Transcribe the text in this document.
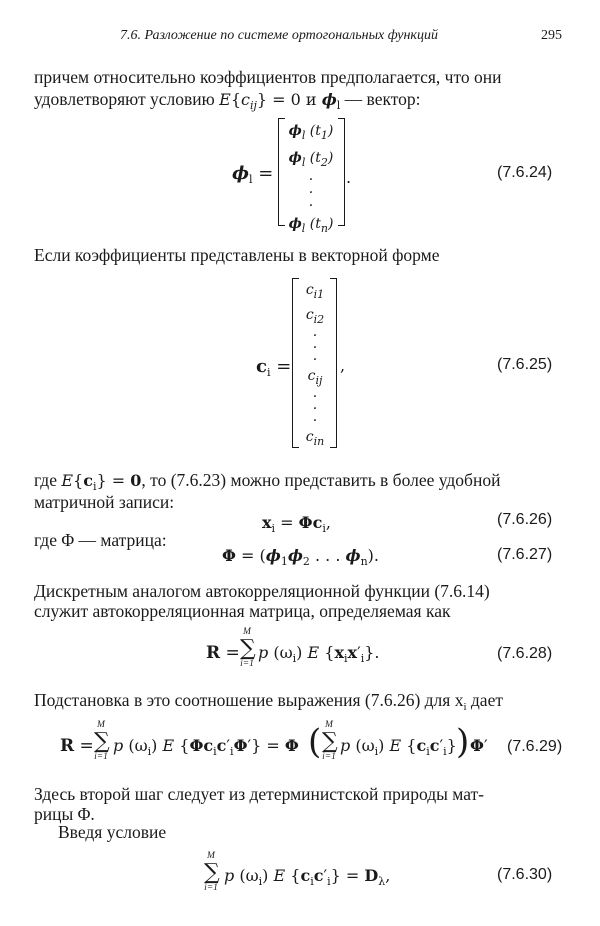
7.6. Разложение по системе ортогональных функций	295
причем относительно коэффициентов предполагается, что они
удовлетворяют условию $E\{c_{ij}\} = 0$ и $\phi_l$ — вектор:
$\phi_l$ =
$\phi_l$ $(t_1)$
$\phi_l$ $(t_2)$
·
·
·
$\phi_l$ $(t_n)$
.	(7.6.24)
Если коэффициенты представлены в векторной форме
$c_i$ =
$c_{i1}$
$c_{i2}$
·
·
·
$c_{ij}$
·
·
·
$c_{in}$
,	(7.6.25)
где $E\{c_i\} = 0$, то (7.6.23) можно представить в более удобной
матричной записи:
$x_i = \Phi c_i$,	(7.6.26)
где Φ — матрица:
$\Phi = (\phi_1\phi_2$ . . . $\phi_n$).	(7.6.27)
Дискретным аналогом автокорреляционной функции (7.6.14)
служит автокорреляционная матрица, определяемая как
R =
M
∑
i=1
p $(\omega_i)$ E $\{x_ix'_i\}$.	(7.6.28)
Подстановка в это соотношение выражения (7.6.26) для $x_i$ дает
R =
M
∑
i=1
p $(\omega_i)$ E $\{\Phi c_ic'_i\Phi'\} = \Phi$ ( M
∑
i=1
p $(\omega_i)$ E $\{c_ic'_i\}$ ) Φ′ (7.6.29)
Здесь второй шаг следует из детерминистской природы мат-
рицы Φ.
Введя условие
M
∑
i=1
p $(\omega_i)$ E $\{c_ic'_i\} = D_\lambda$,	(7.6.30)
